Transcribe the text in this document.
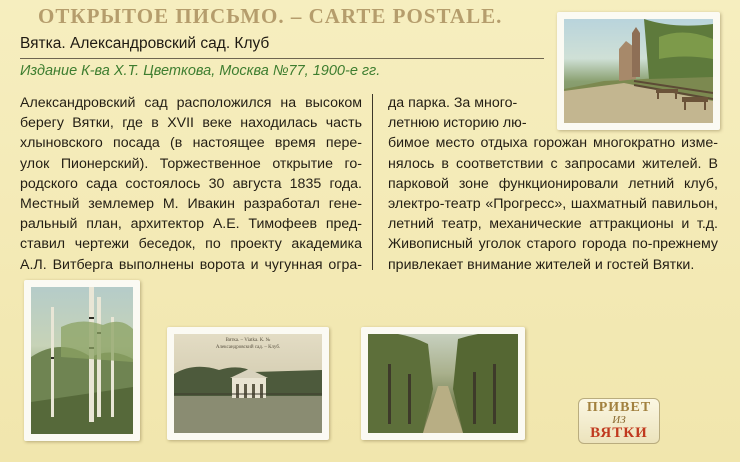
ОТКРЫТОЕ ПИСЬМО. – CARTE POSTALE.
Вятка. Александровский сад. Клуб
Издание К-ва Х.Т. Цветкова, Москва №77, 1900-е гг.
Александровский сад расположился на высоком
берегу Вятки, где в XVII веке находилась часть
хлыновского посада (в настоящее время пере-
улок Пионерский). Торжественное открытие го-
родского сада состоялось 30 августа 1835 года.
Местный землемер М. Ивакин разработал гене-
ральный план, архитектор А.Е. Тимофеев пред-
ставил чертежи беседок, по проекту академика
А.Л. Витберга выполнены ворота и чугунная огра-
да парка. За много-
летнюю историю лю-
бимое место отдыха горожан многократно изме-
нялось в соответствии с запросами жителей. В
парковой зоне функционировали летний клуб,
электро-театр «Прогресс», шахматный павильон,
летний театр, механические аттракционы и т.д.
Живописный уголок старого города по-прежнему
привлекает внимание жителей и гостей Вятки.
Вятка. – Viatka. К. №
Александровский сад. – Клуб.
ПРИВЕТ
ИЗ
ВЯТКИ
